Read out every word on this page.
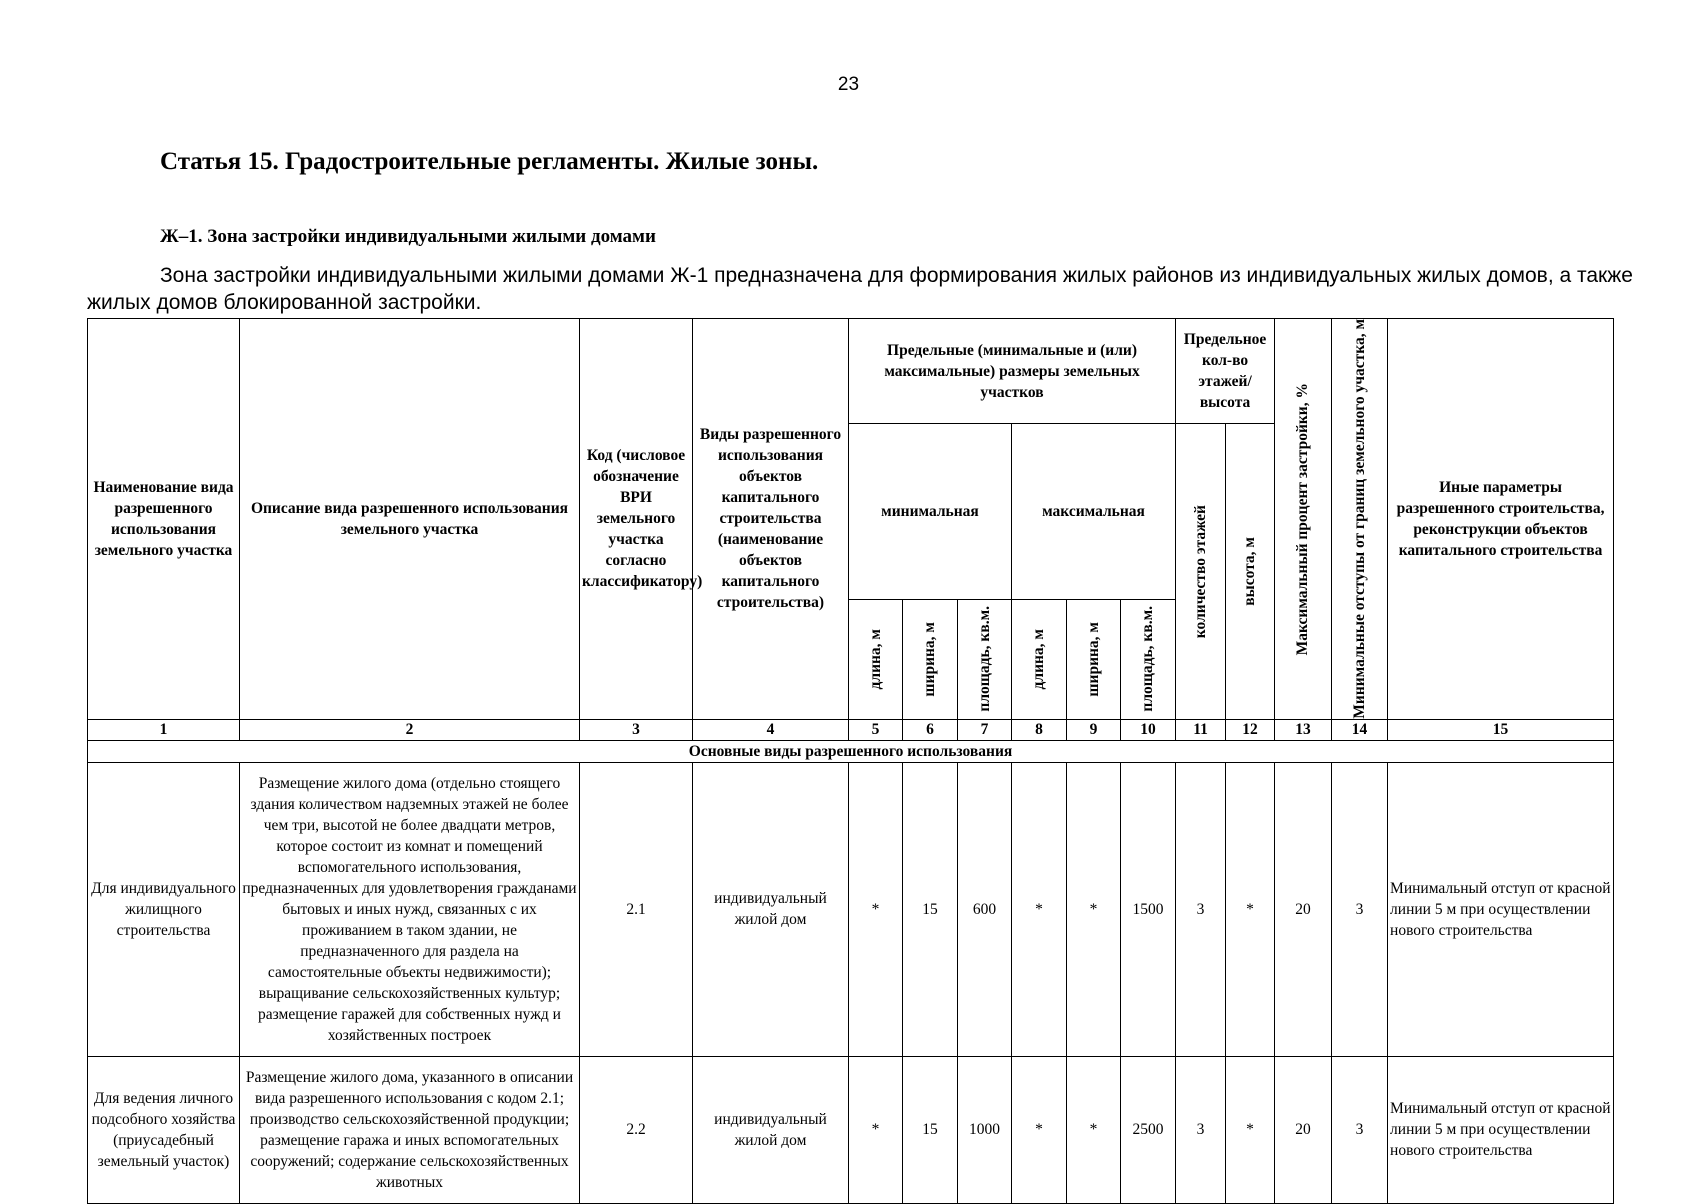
23
Статья 15. Градостроительные регламенты. Жилые зоны.
Ж–1. Зона застройки индивидуальными жилыми домами
Зона застройки индивидуальными жилыми домами Ж-1 предназначена для формирования жилых районов из индивидуальных жилых домов, а также жилых домов блокированной застройки.
Наименование вида разрешенного использования земельного участка	Описание вида разрешенного использования земельного участка	Код (числовое обозначение ВРИ земельного участка согласно классификатору)	Виды разрешенного использования объектов капитального строительства (наименование объектов капитального строительства)	Предельные (минимальные и (или) максимальные) размеры земельных участков						Предельное кол-во этажей/ высота		Максимальный процент застройки, %	Минимальные отступы от границ земельного участка, м	Иные параметры разрешенного строительства, реконструкции объектов капитального строительства
				минимальная			максимальная			количество этажей	высота, м			

				длина, м	ширина, м	площадь, кв.м.	длина, м	ширина, м	площадь, кв.м.					

1	2	3	4	5	6	7	8	9	10	11	12	13	14	15
Основные виды разрешенного использования														
Для индивидуального жилищного строительства	Размещение жилого дома (отдельно стоящего здания количеством надземных этажей не более чем три, высотой не более двадцати метров, которое состоит из комнат и помещений вспомогательного использования, предназначенных для удовлетворения гражданами бытовых и иных нужд, связанных с их проживанием в таком здании, не предназначенного для раздела на самостоятельные объекты недвижимости); выращивание сельскохозяйственных культур; размещение гаражей для собственных нужд и хозяйственных построек	2.1	индивидуальный жилой дом	*	15	600	*	*	1500	3	*	20	3	Минимальный отступ от красной линии 5 м при осуществлении нового строительства
Для ведения личного подсобного хозяйства (приусадебный земельный участок)	Размещение жилого дома, указанного в описании вида разрешенного использования с кодом 2.1; производство сельскохозяйственной продукции; размещение гаража и иных вспомогательных сооружений; содержание сельскохозяйственных животных	2.2	индивидуальный жилой дом	*	15	1000	*	*	2500	3	*	20	3	Минимальный отступ от красной линии 5 м при осуществлении нового строительства
